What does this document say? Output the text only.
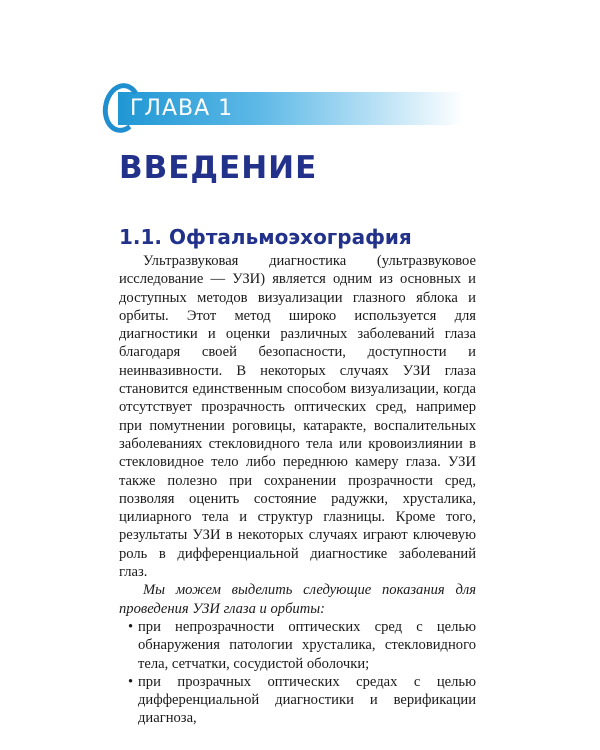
ГЛАВА 1
ВВЕДЕНИЕ
1.1. Офтальмоэхография

Ультразвуковая диагностика (ультразвуковое исследование — УЗИ) является одним из основных и доступных методов визуализации глазного яблока и орбиты. Этот метод широко используется для диагностики и оценки различных заболеваний глаза благодаря своей безопасности, доступности и неинвазивности. В некоторых случаях УЗИ глаза становится единственным способом визуализации, когда отсутствует прозрачность оптических сред, например при помутнении роговицы, катаракте, воспалительных заболеваниях стекловидного тела или кровоизлиянии в стекловидное тело либо переднюю камеру глаза. УЗИ также полезно при сохранении прозрачности сред, позволяя оценить состояние радужки, хрусталика, цилиарного тела и структур глазницы. Кроме того, результаты УЗИ в некоторых случаях играют ключевую роль в дифференциальной диагностике заболеваний глаз.

Мы можем выделить следующие показания для проведения УЗИ глаза и орбиты:

• при непрозрачности оптических сред с целью обнаружения патологии хрусталика, стекловидного тела, сетчатки, сосудистой оболочки;
• при прозрачных оптических средах с целью дифференциальной диагностики и верификации диагноза,
